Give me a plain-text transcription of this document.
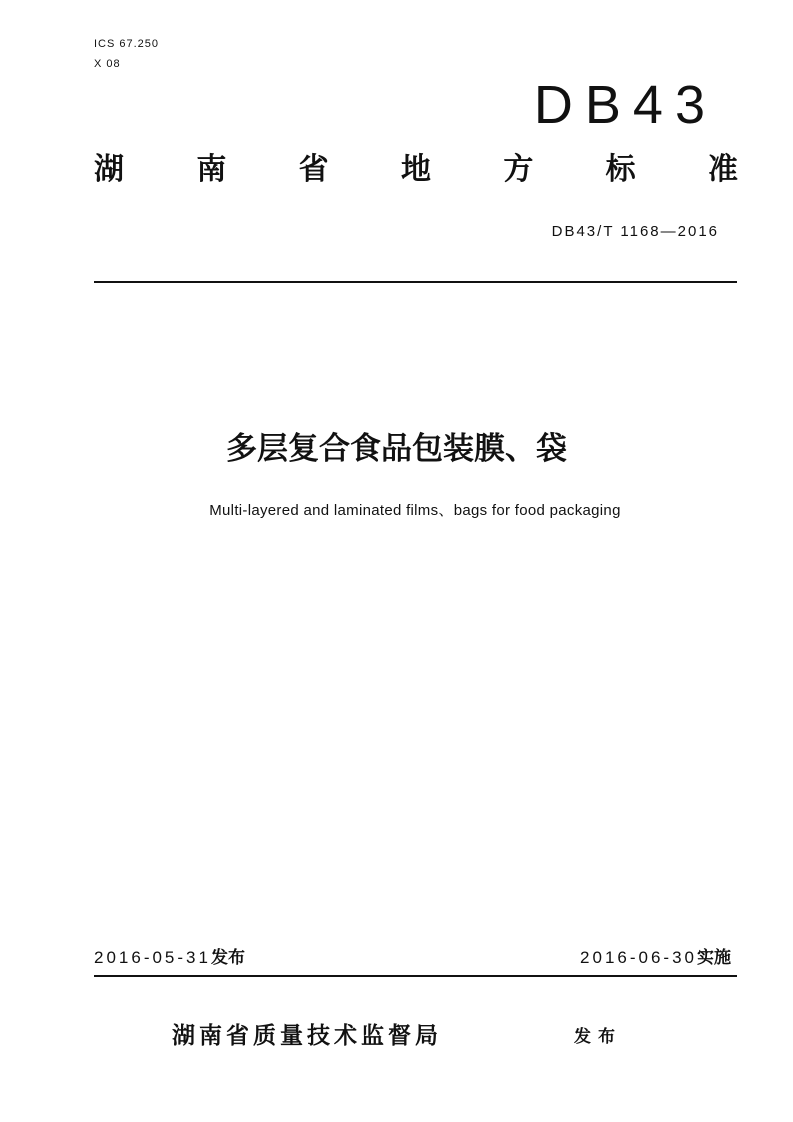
ICS 67.250
X 08
DB43
湖 南 省 地 方 标 准
DB43/T 1168—2016
多层复合食品包装膜、袋
Multi-layered and laminated films、bags for food packaging
2016-05-31发布	2016-06-30实施
湖南省质量技术监督局	发布
